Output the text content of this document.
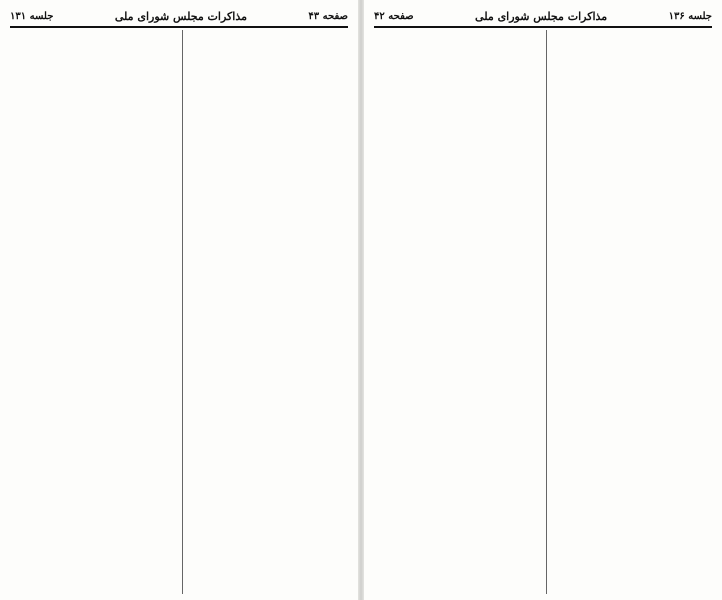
صفحه ۴۳
مذاکرات مجلس شورای ملی
جلسه ۱۳۱	جلسه ۱۳۶
مذاکرات مجلس شورای ملی
صفحه ۴۲
